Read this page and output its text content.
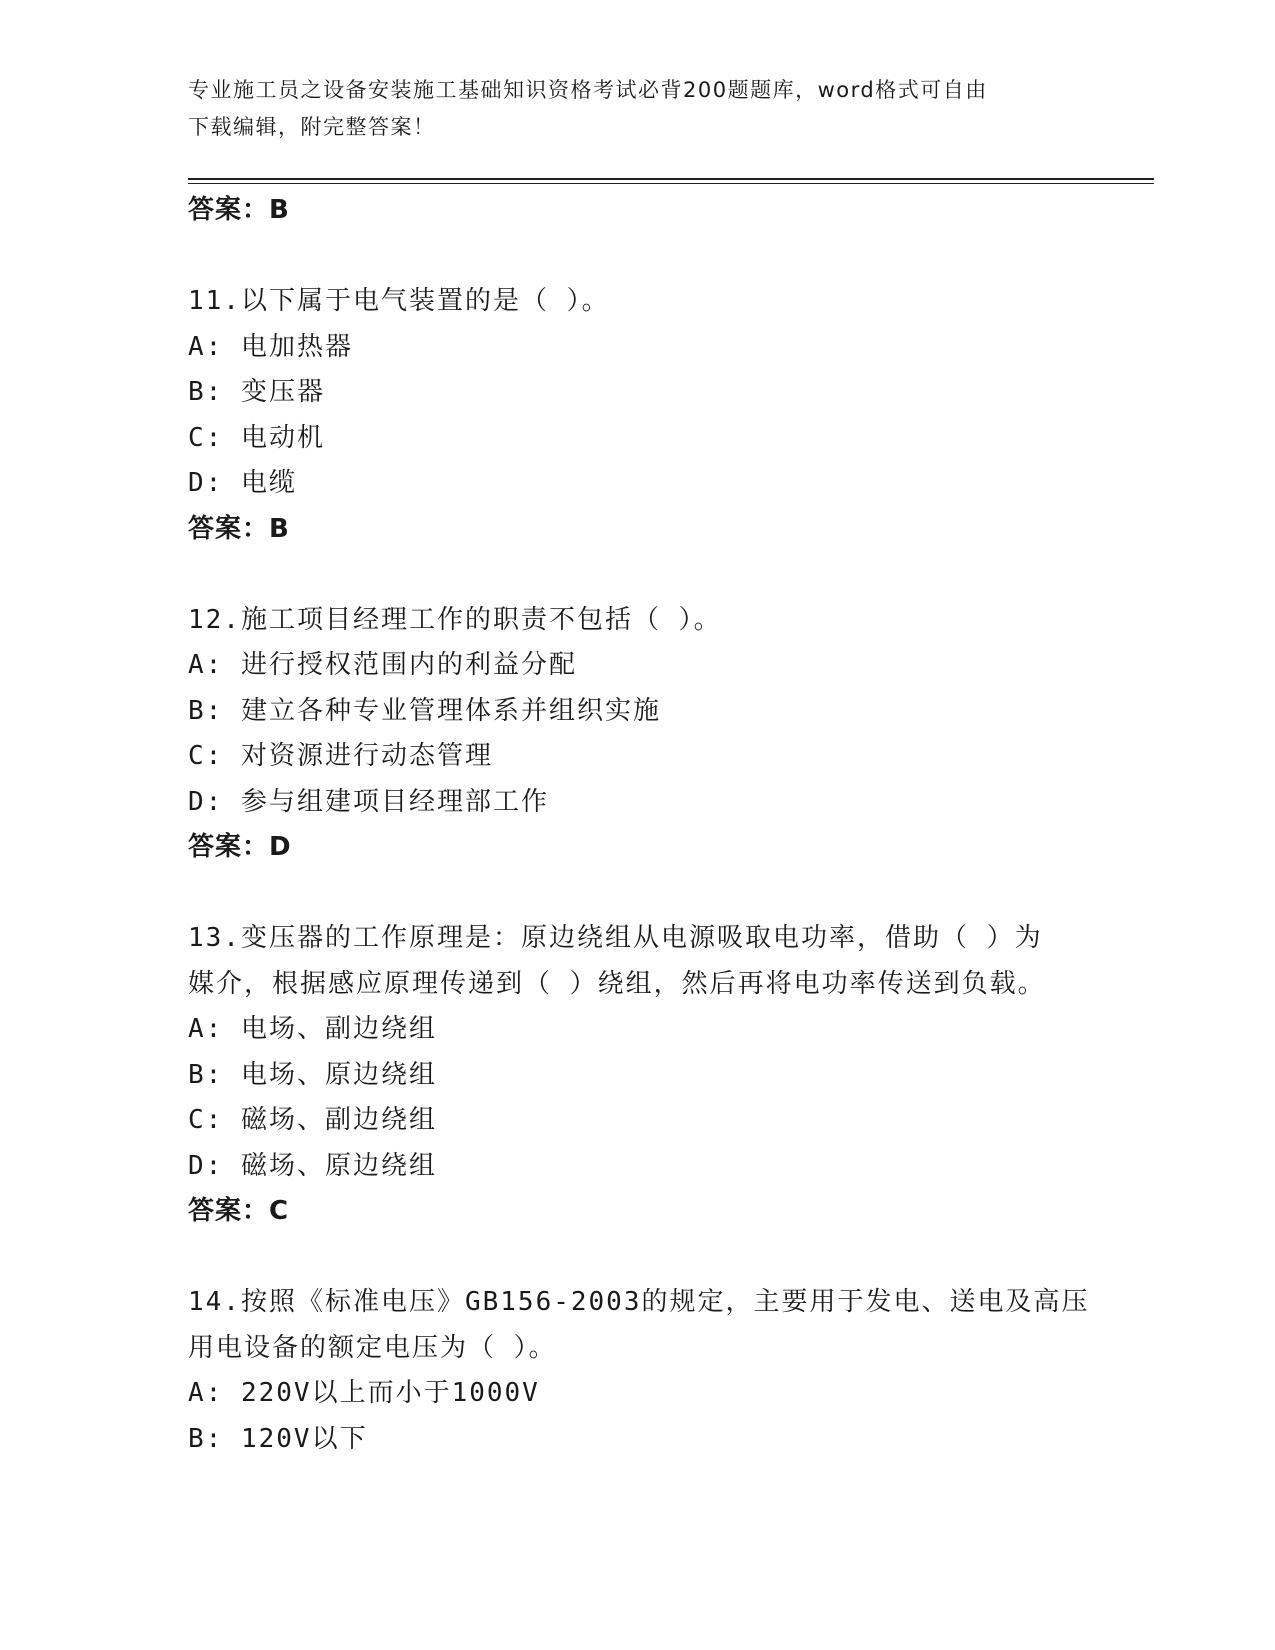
专业施工员之设备安装施工基础知识资格考试必背200题题库，word格式可自由
下载编辑，附完整答案！
答案：B
11.以下属于电气装置的是（ ）。
A: 电加热器
B: 变压器
C: 电动机
D: 电缆
答案：B
12.施工项目经理工作的职责不包括（ ）。
A: 进行授权范围内的利益分配
B: 建立各种专业管理体系并组织实施
C: 对资源进行动态管理
D: 参与组建项目经理部工作
答案：D
13.变压器的工作原理是：原边绕组从电源吸取电功率，借助（ ）为
媒介，根据感应原理传递到（ ）绕组，然后再将电功率传送到负载。
A: 电场、副边绕组
B: 电场、原边绕组
C: 磁场、副边绕组
D: 磁场、原边绕组
答案：C
14.按照《标准电压》GB156-2003的规定，主要用于发电、送电及高压
用电设备的额定电压为（ ）。
A: 220V以上而小于1000V
B: 120V以下
